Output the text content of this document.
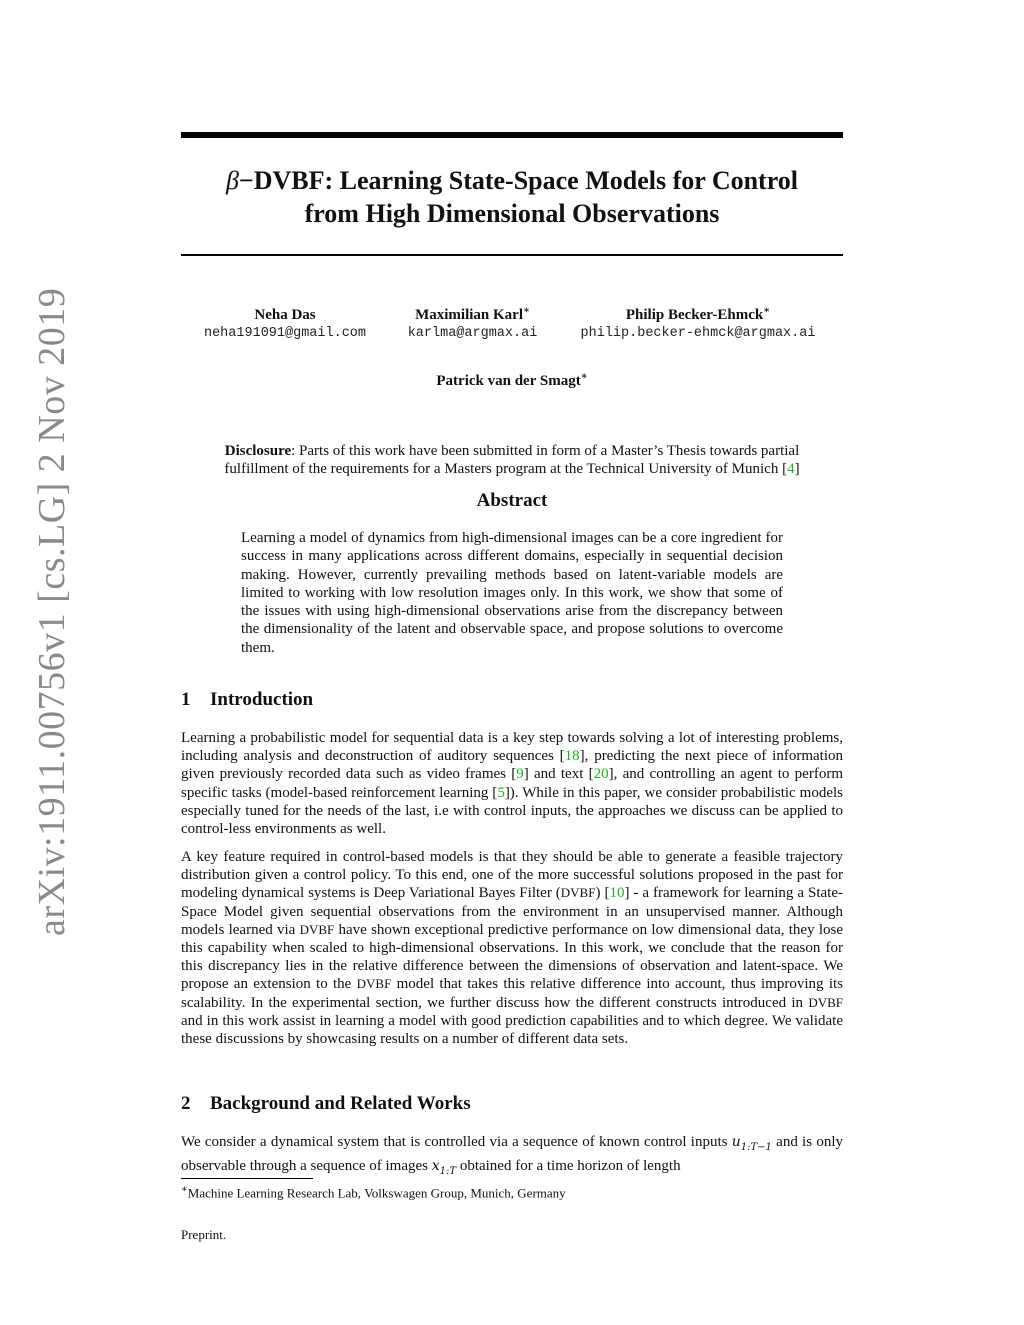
arXiv:1911.00756v1 [cs.LG] 2 Nov 2019
β−DVBF: Learning State-Space Models for Control
from High Dimensional Observations
Neha Das
neha191091@gmail.com
Maximilian Karl∗
karlma@argmax.ai
Philip Becker-Ehmck∗
philip.becker-ehmck@argmax.ai
Patrick van der Smagt∗
Disclosure: Parts of this work have been submitted in form of a Master’s Thesis towards partial
fulfillment of the requirements for a Masters program at the Technical University of Munich [4]
Abstract
Learning a model of dynamics from high-dimensional images can be a core ingredient for success in many applications across different domains, especially in sequential decision making. However, currently prevailing methods based on latent-variable models are limited to working with low resolution images only. In this work, we show that some of the issues with using high-dimensional observations arise from the discrepancy between the dimensionality of the latent and observable space, and propose solutions to overcome them.
1 Introduction
Learning a probabilistic model for sequential data is a key step towards solving a lot of interesting problems, including analysis and deconstruction of auditory sequences [18], predicting the next piece of information given previously recorded data such as video frames [9] and text [20], and controlling an agent to perform specific tasks (model-based reinforcement learning [5]). While in this paper, we consider probabilistic models especially tuned for the needs of the last, i.e with control inputs, the approaches we discuss can be applied to control-less environments as well.
A key feature required in control-based models is that they should be able to generate a feasible trajectory distribution given a control policy. To this end, one of the more successful solutions proposed in the past for modeling dynamical systems is Deep Variational Bayes Filter (DVBF) [10] - a framework for learning a State-Space Model given sequential observations from the environment in an unsupervised manner. Although models learned via DVBF have shown exceptional predictive performance on low dimensional data, they lose this capability when scaled to high-dimensional observations. In this work, we conclude that the reason for this discrepancy lies in the relative difference between the dimensions of observation and latent-space. We propose an extension to the DVBF model that takes this relative difference into account, thus improving its scalability. In the experimental section, we further discuss how the different constructs introduced in DVBF and in this work assist in learning a model with good prediction capabilities and to which degree. We validate these discussions by showcasing results on a number of different data sets.
2 Background and Related Works
We consider a dynamical system that is controlled via a sequence of known control inputs $u_{1:T-1}$ and is only observable through a sequence of images $x_{1:T}$ obtained for a time horizon of length
∗Machine Learning Research Lab, Volkswagen Group, Munich, Germany
Preprint.
